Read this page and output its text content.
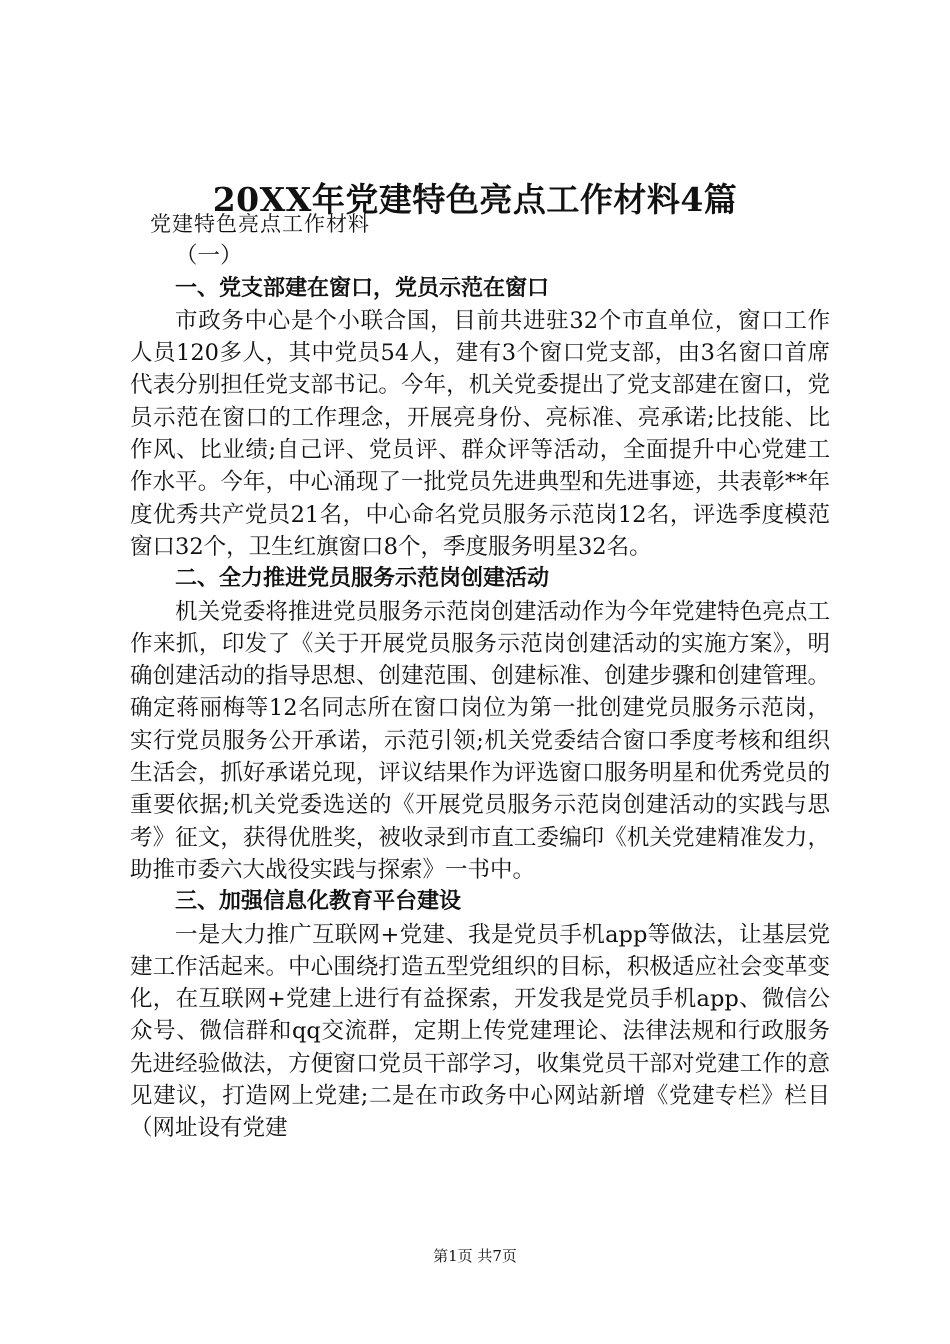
20XX年党建特色亮点工作材料4篇

党建特色亮点工作材料

（一）

一、党支部建在窗口，党员示范在窗口

市政务中心是个小联合国，目前共进驻32个市直单位，窗口工作人员120多人，其中党员54人，建有3个窗口党支部，由3名窗口首席代表分别担任党支部书记。今年，机关党委提出了党支部建在窗口，党员示范在窗口的工作理念，开展亮身份、亮标准、亮承诺;比技能、比作风、比业绩;自己评、党员评、群众评等活动，全面提升中心党建工作水平。今年，中心涌现了一批党员先进典型和先进事迹，共表彰**年度优秀共产党员21名，中心命名党员服务示范岗12名，评选季度模范窗口32个，卫生红旗窗口8个，季度服务明星32名。

二、全力推进党员服务示范岗创建活动

机关党委将推进党员服务示范岗创建活动作为今年党建特色亮点工作来抓，印发了《关于开展党员服务示范岗创建活动的实施方案》，明确创建活动的指导思想、创建范围、创建标准、创建步骤和创建管理。确定蒋丽梅等12名同志所在窗口岗位为第一批创建党员服务示范岗，实行党员服务公开承诺，示范引领;机关党委结合窗口季度考核和组织生活会，抓好承诺兑现，评议结果作为评选窗口服务明星和优秀党员的重要依据;机关党委选送的《开展党员服务示范岗创建活动的实践与思考》征文，获得优胜奖，被收录到市直工委编印《机关党建精准发力，助推市委六大战役实践与探索》一书中。

三、加强信息化教育平台建设

一是大力推广互联网+党建、我是党员手机app等做法，让基层党建工作活起来。中心围绕打造五型党组织的目标，积极适应社会变革变化，在互联网+党建上进行有益探索，开发我是党员手机app、微信公众号、微信群和qq交流群，定期上传党建理论、法律法规和行政服务先进经验做法，方便窗口党员干部学习，收集党员干部对党建工作的意见建议，打造网上党建;二是在市政务中心网站新增《党建专栏》栏目（网址设有党建

第1页 共7页
